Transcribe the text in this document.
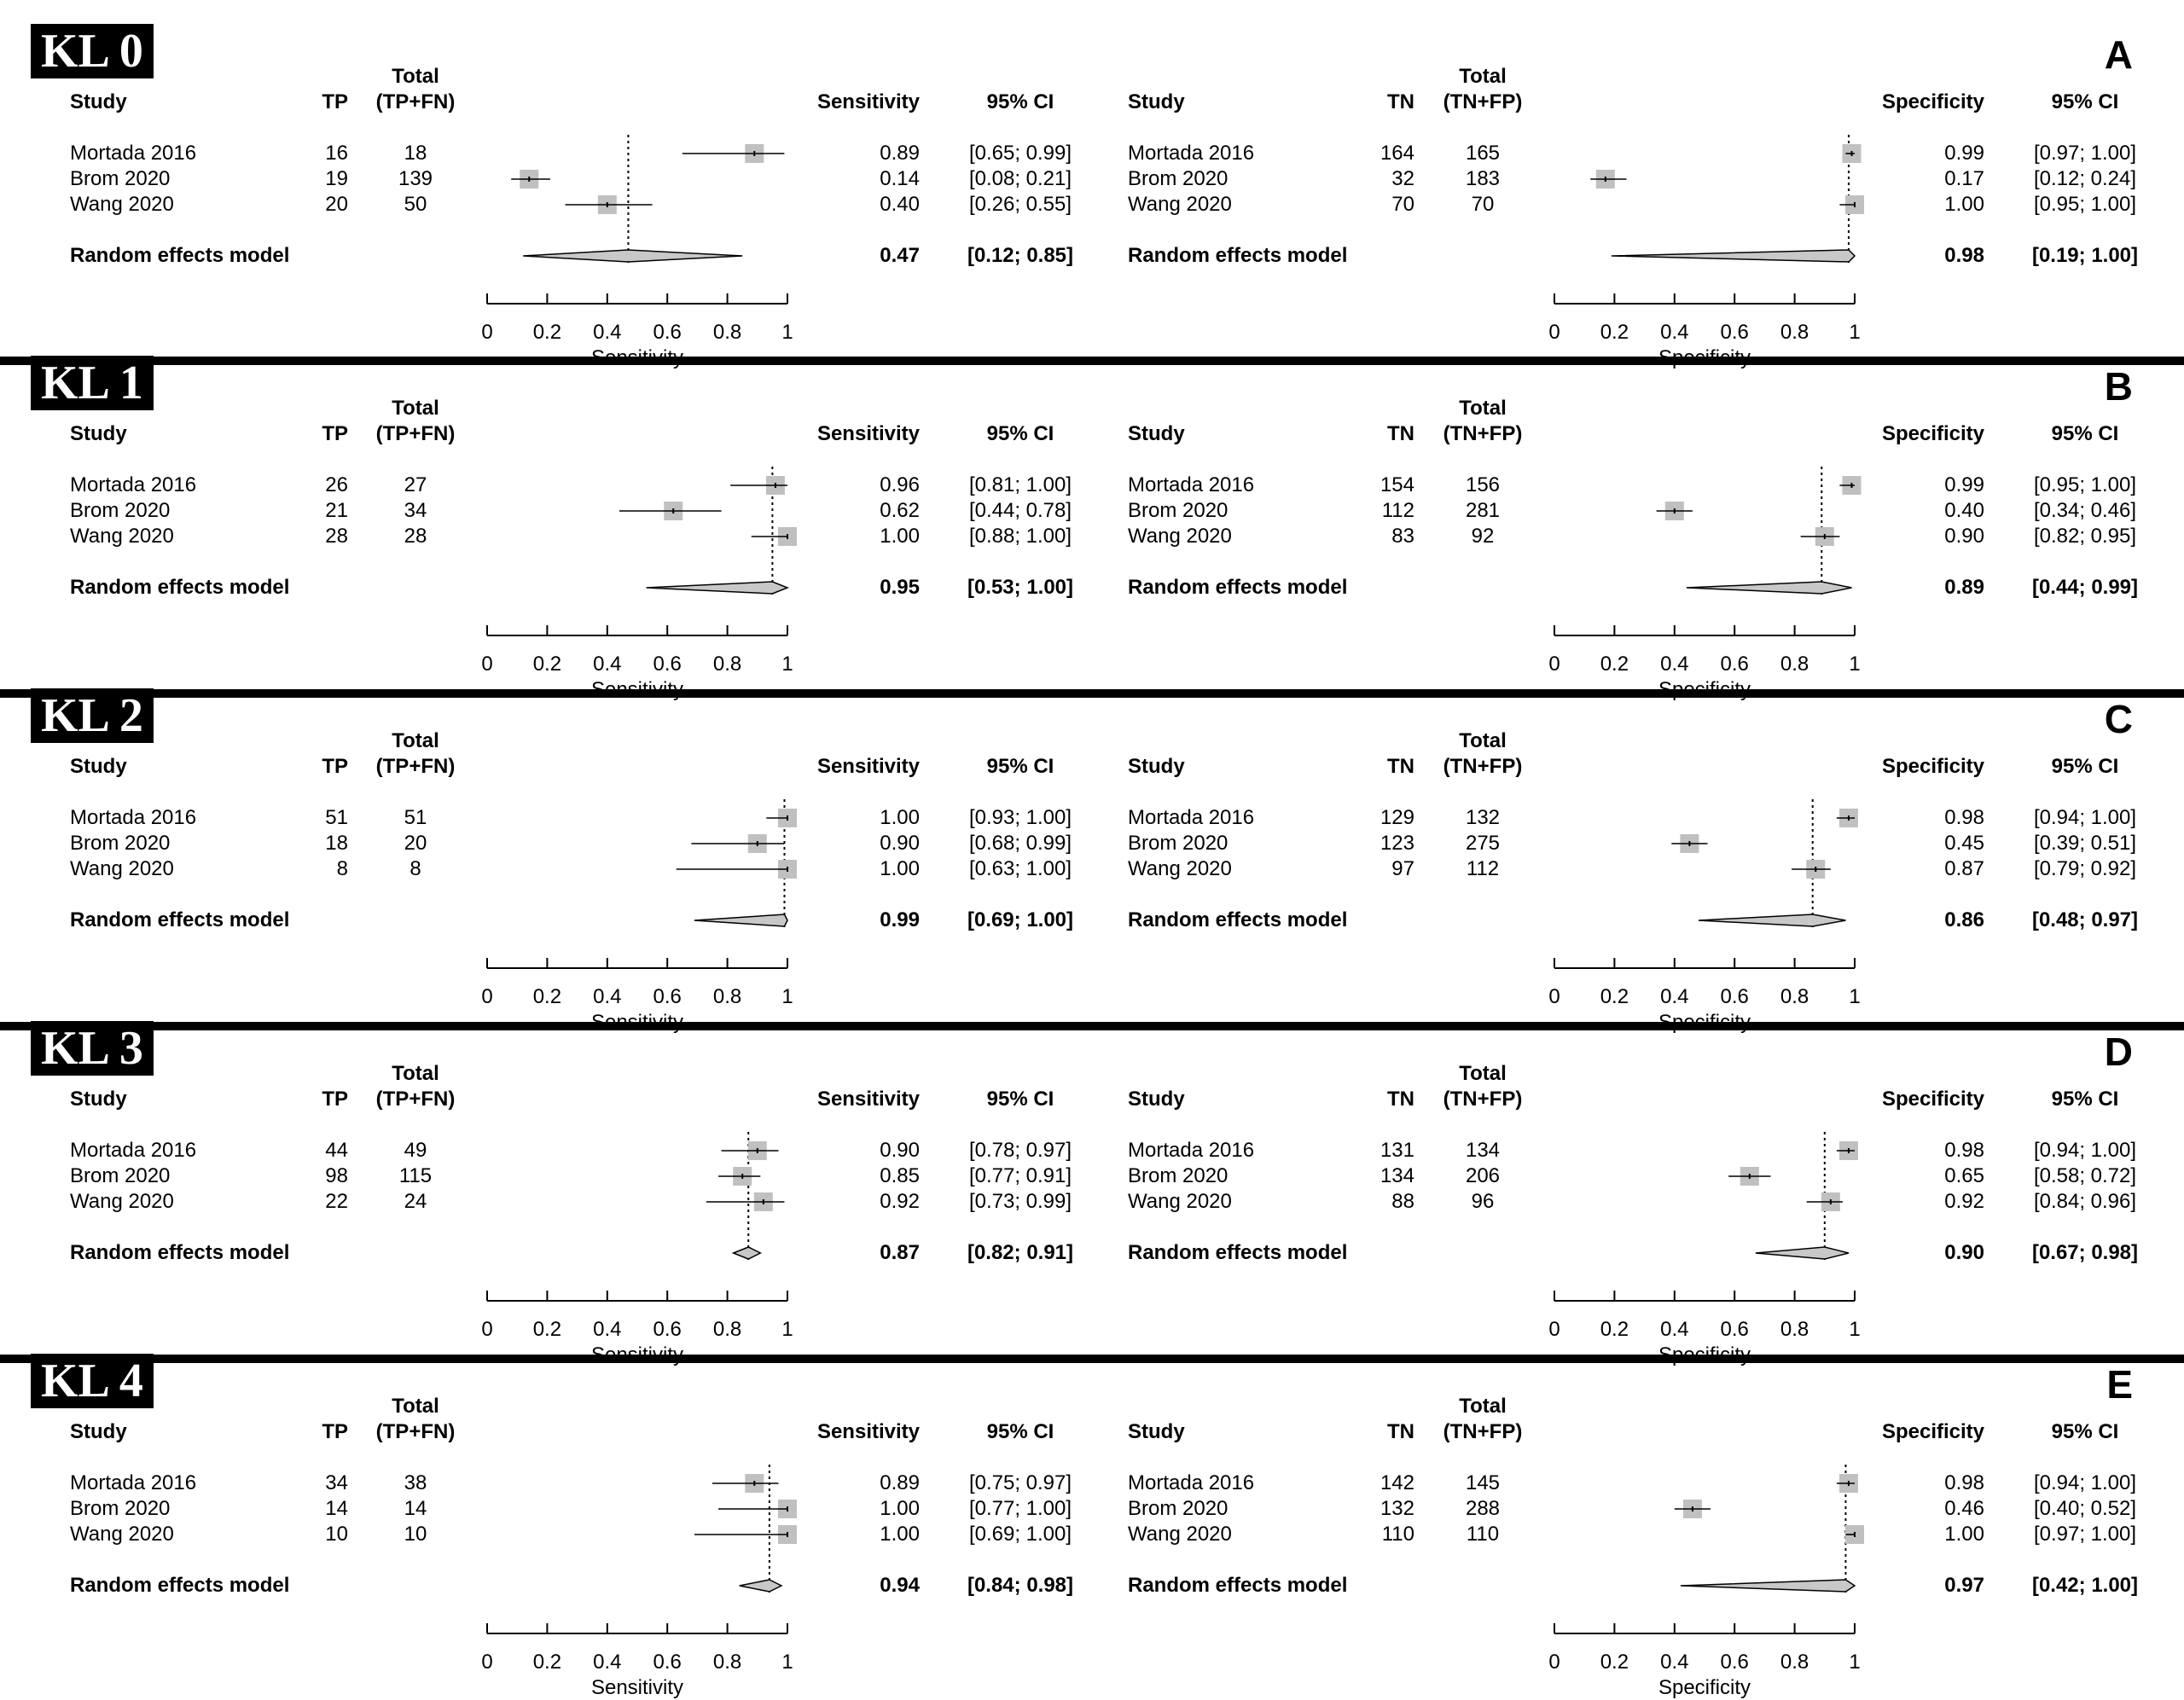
KL 0	A
Total
Study	TP	(TP+FN)	Sensitivity	95% CI
Mortada 2016	16	18	0.89	[0.65; 0.99]
Brom 2020	19	139	0.14	[0.08; 0.21]
Wang 2020	20	50	0.40	[0.26; 0.55]
Random effects model	0.47	[0.12; 0.85]
0	0.2	0.4	0.6	0.8	1
Sensitivity
Total
Study	TN	(TN+FP)	Specificity	95% CI
Mortada 2016	164	165	0.99	[0.97; 1.00]
Brom 2020	32	183	0.17	[0.12; 0.24]
Wang 2020	70	70	1.00	[0.95; 1.00]
Random effects model	0.98	[0.19; 1.00]
0	0.2	0.4	0.6	0.8	1
Specificity
KL 1	B
Total
Study	TP	(TP+FN)	Sensitivity	95% CI
Mortada 2016	26	27	0.96	[0.81; 1.00]
Brom 2020	21	34	0.62	[0.44; 0.78]
Wang 2020	28	28	1.00	[0.88; 1.00]
Random effects model	0.95	[0.53; 1.00]
0	0.2	0.4	0.6	0.8	1
Sensitivity
Total
Study	TN	(TN+FP)	Specificity	95% CI
Mortada 2016	154	156	0.99	[0.95; 1.00]
Brom 2020	112	281	0.40	[0.34; 0.46]
Wang 2020	83	92	0.90	[0.82; 0.95]
Random effects model	0.89	[0.44; 0.99]
0	0.2	0.4	0.6	0.8	1
Specificity
KL 2	C
Total
Study	TP	(TP+FN)	Sensitivity	95% CI
Mortada 2016	51	51	1.00	[0.93; 1.00]
Brom 2020	18	20	0.90	[0.68; 0.99]
Wang 2020	8	8	1.00	[0.63; 1.00]
Random effects model	0.99	[0.69; 1.00]
0	0.2	0.4	0.6	0.8	1
Sensitivity
Total
Study	TN	(TN+FP)	Specificity	95% CI
Mortada 2016	129	132	0.98	[0.94; 1.00]
Brom 2020	123	275	0.45	[0.39; 0.51]
Wang 2020	97	112	0.87	[0.79; 0.92]
Random effects model	0.86	[0.48; 0.97]
0	0.2	0.4	0.6	0.8	1
Specificity
KL 3	D
Total
Study	TP	(TP+FN)	Sensitivity	95% CI
Mortada 2016	44	49	0.90	[0.78; 0.97]
Brom 2020	98	115	0.85	[0.77; 0.91]
Wang 2020	22	24	0.92	[0.73; 0.99]
Random effects model	0.87	[0.82; 0.91]
0	0.2	0.4	0.6	0.8	1
Sensitivity
Total
Study	TN	(TN+FP)	Specificity	95% CI
Mortada 2016	131	134	0.98	[0.94; 1.00]
Brom 2020	134	206	0.65	[0.58; 0.72]
Wang 2020	88	96	0.92	[0.84; 0.96]
Random effects model	0.90	[0.67; 0.98]
0	0.2	0.4	0.6	0.8	1
Specificity
KL 4	E
Total
Study	TP	(TP+FN)	Sensitivity	95% CI
Mortada 2016	34	38	0.89	[0.75; 0.97]
Brom 2020	14	14	1.00	[0.77; 1.00]
Wang 2020	10	10	1.00	[0.69; 1.00]
Random effects model	0.94	[0.84; 0.98]
0	0.2	0.4	0.6	0.8	1
Sensitivity
Total
Study	TN	(TN+FP)	Specificity	95% CI
Mortada 2016	142	145	0.98	[0.94; 1.00]
Brom 2020	132	288	0.46	[0.40; 0.52]
Wang 2020	110	110	1.00	[0.97; 1.00]
Random effects model	0.97	[0.42; 1.00]
0	0.2	0.4	0.6	0.8	1
Specificity
